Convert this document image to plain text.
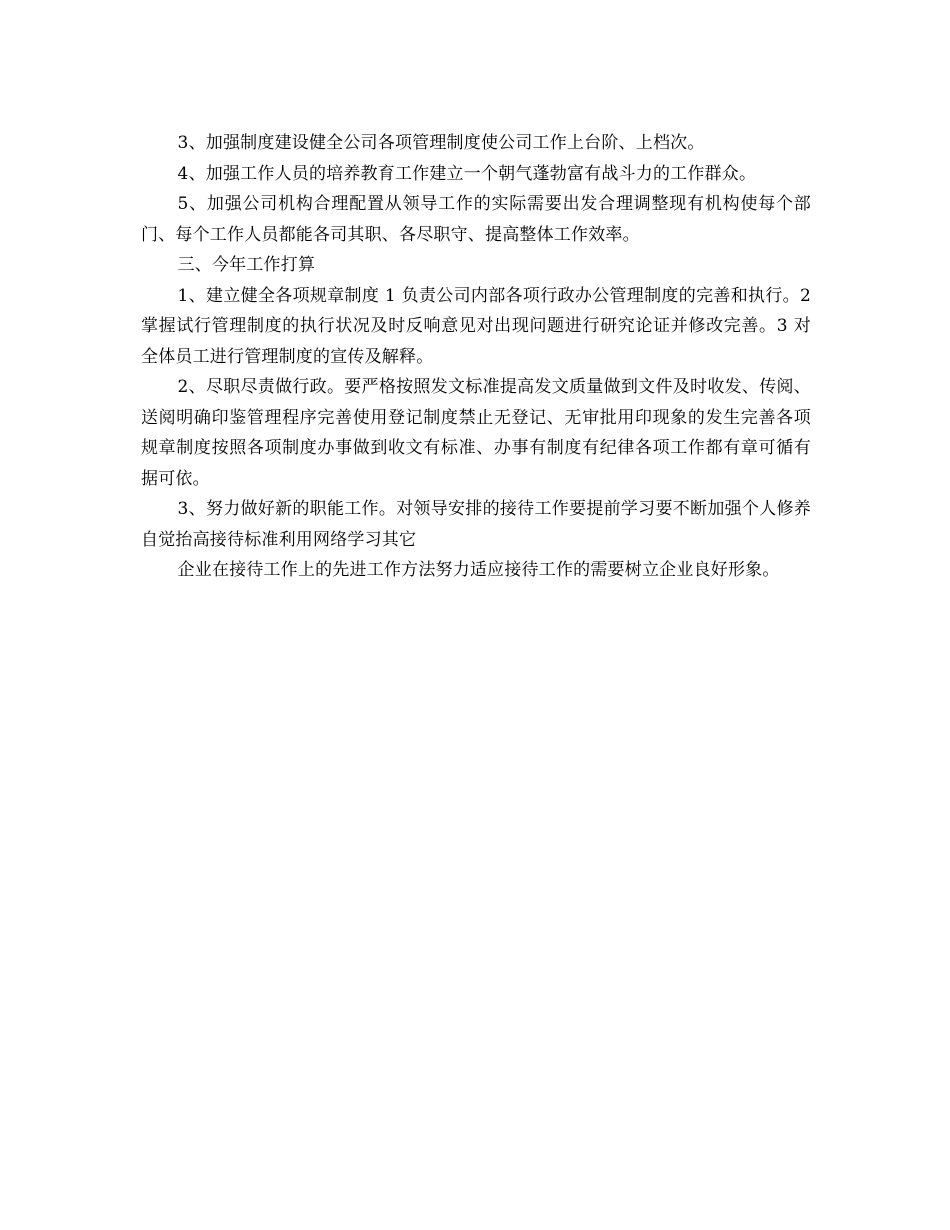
3、加强制度建设健全公司各项管理制度使公司工作上台阶、上档次。

4、加强工作人员的培养教育工作建立一个朝气蓬勃富有战斗力的工作群众。

5、加强公司机构合理配置从领导工作的实际需要出发合理调整现有机构使每个部门、每个工作人员都能各司其职、各尽职守、提高整体工作效率。

三、今年工作打算

1、建立健全各项规章制度 1 负责公司内部各项行政办公管理制度的完善和执行。2 掌握试行管理制度的执行状况及时反响意见对出现问题进行研究论证并修改完善。3 对全体员工进行管理制度的宣传及解释。

2、尽职尽责做行政。要严格按照发文标准提高发文质量做到文件及时收发、传阅、送阅明确印鉴管理程序完善使用登记制度禁止无登记、无审批用印现象的发生完善各项规章制度按照各项制度办事做到收文有标准、办事有制度有纪律各项工作都有章可循有据可依。

3、努力做好新的职能工作。对领导安排的接待工作要提前学习要不断加强个人修养自觉抬高接待标准利用网络学习其它

企业在接待工作上的先进工作方法努力适应接待工作的需要树立企业良好形象。
